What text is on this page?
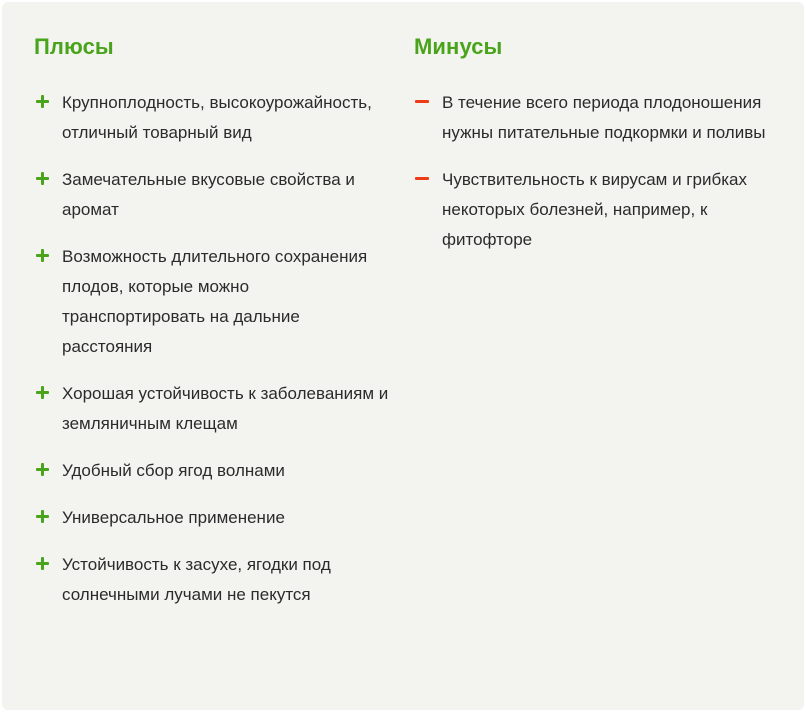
Плюсы
Крупноплодность, высокоурожайность, отличный товарный вид
Замечательные вкусовые свойства и аромат
Возможность длительного сохранения плодов, которые можно транспортировать на дальние расстояния
Хорошая устойчивость к заболеваниям и земляничным клещам
Удобный сбор ягод волнами
Универсальное применение
Устойчивость к засухе, ягодки под солнечными лучами не пекутся
Минусы
В течение всего периода плодоношения нужны питательные подкормки и поливы
Чувствительность к вирусам и грибках некоторых болезней, например, к фитофторе
